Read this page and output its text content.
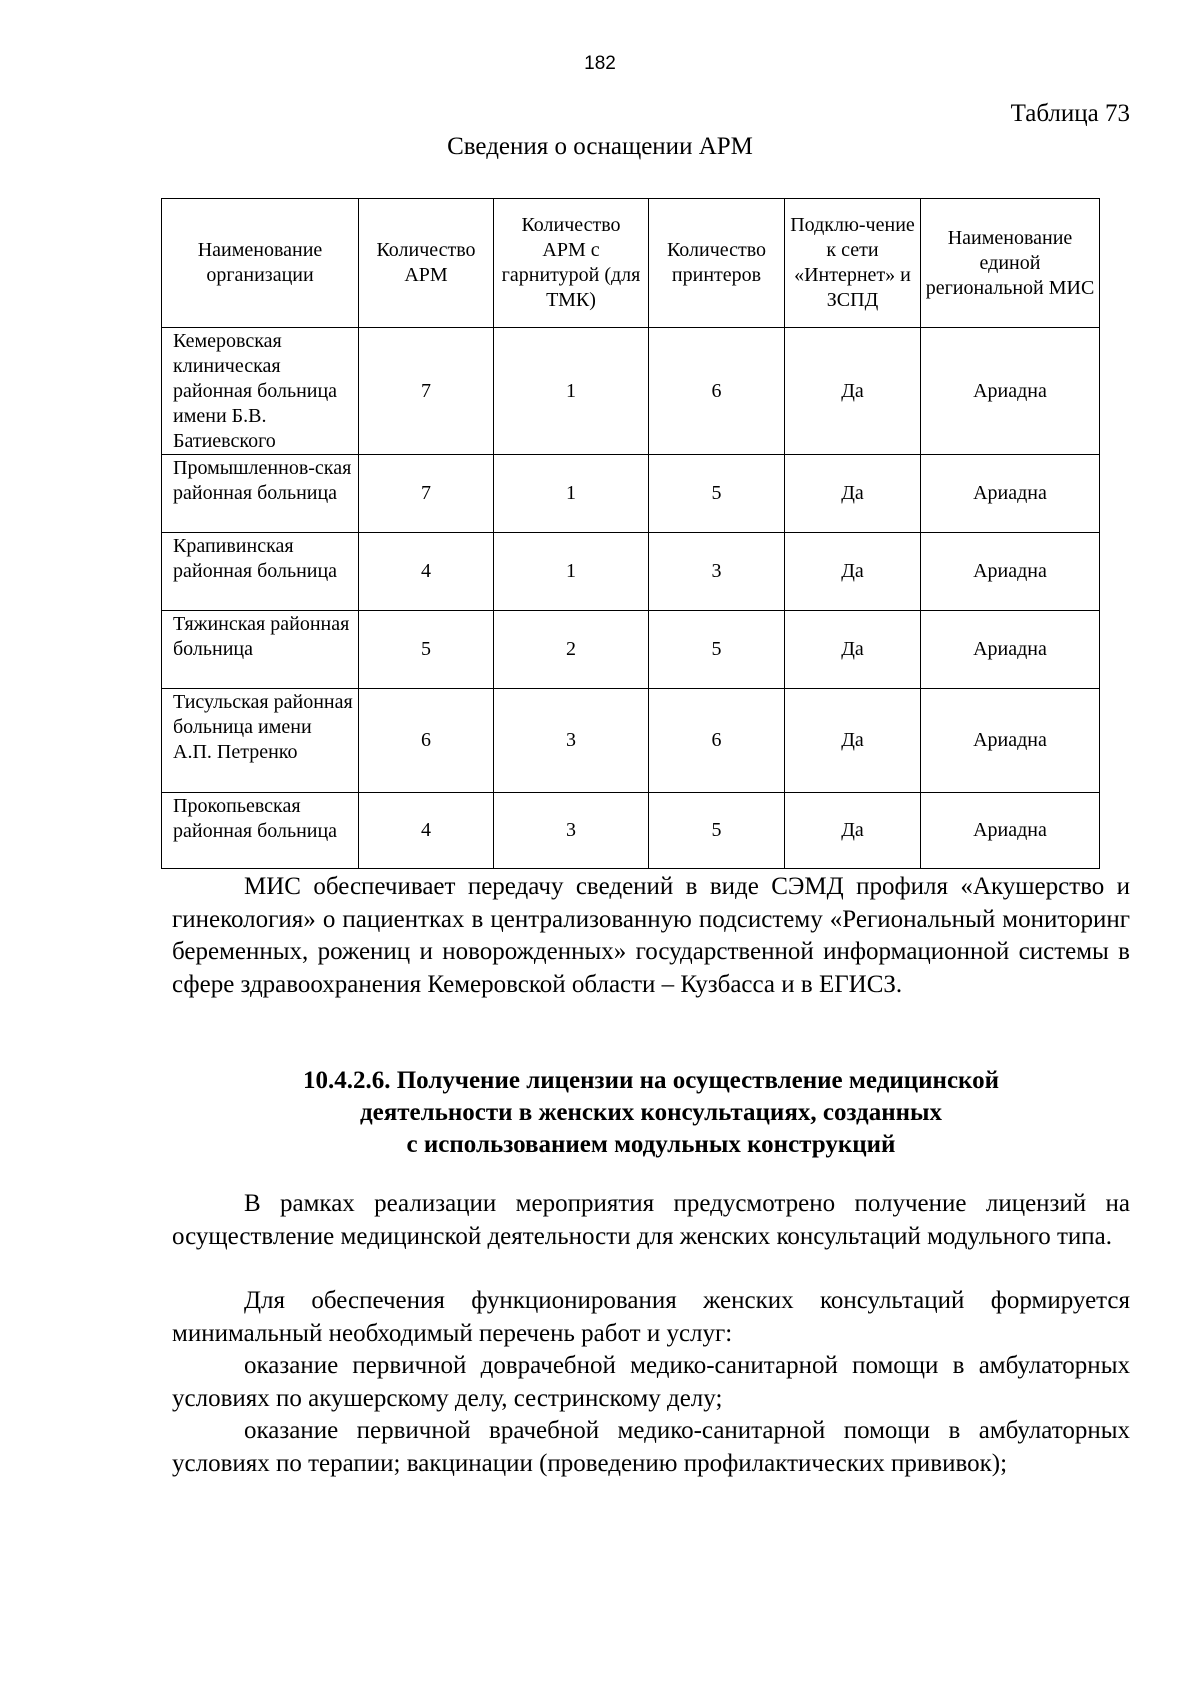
182
Таблица 73
Сведения о оснащении АРМ
Наименование организации	Количество АРМ	Количество АРМ с гарнитурой (для ТМК)	Количество принтеров	Подклю-чение к сети «Интернет» и ЗСПД	Наименование единой региональной МИС
Кемеровская клиническая районная больница имени Б.В. Батиевского	7	1	6	Да	Ариадна
Промышленнов-ская районная больница	7	1	5	Да	Ариадна
Крапивинская районная больница	4	1	3	Да	Ариадна
Тяжинская районная больница	5	2	5	Да	Ариадна
Тисульская районная больница имени А.П. Петренко	6	3	6	Да	Ариадна
Прокопьевская районная больница	4	3	5	Да	Ариадна

МИС обеспечивает передачу сведений в виде СЭМД профиля «Акушерство и гинекология» о пациентках в централизованную подсистему «Региональный мониторинг беременных, рожениц и новорожденных» государственной информационной системы в сфере здравоохранения Кемеровской области – Кузбасса и в ЕГИСЗ.

10.4.2.6. Получение лицензии на осуществление медицинской
деятельности в женских консультациях, созданных
с использованием модульных конструкций

В рамках реализации мероприятия предусмотрено получение лицензий на осуществление медицинской деятельности для женских консультаций модульного типа.

Для обеспечения функционирования женских консультаций формируется минимальный необходимый перечень работ и услуг:

оказание первичной доврачебной медико-санитарной помощи в амбулаторных условиях по акушерскому делу, сестринскому делу;

оказание первичной врачебной медико-санитарной помощи в амбулаторных условиях по терапии; вакцинации (проведению профилактических прививок);
